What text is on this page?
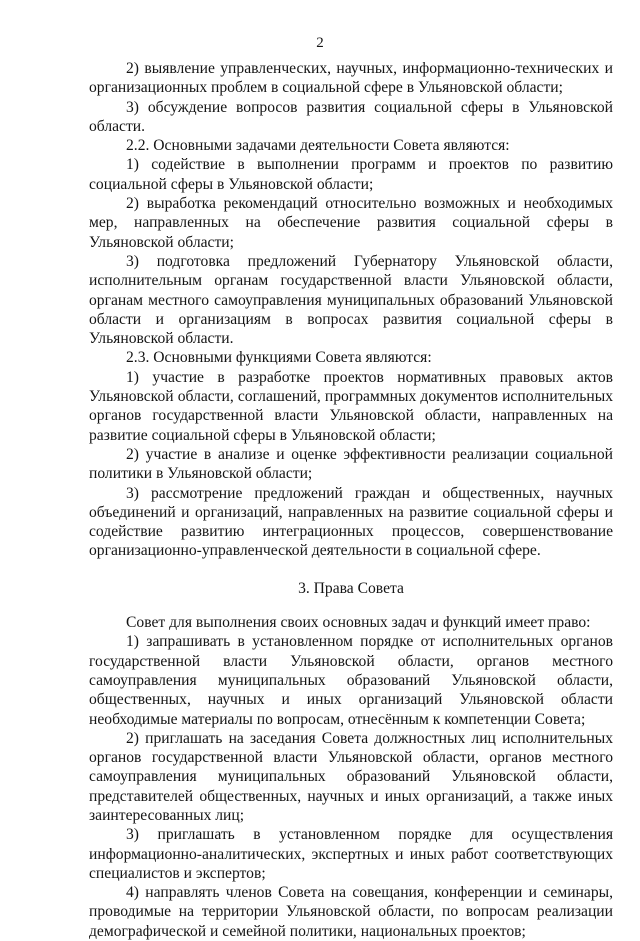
2

2) выявление управленческих, научных, информационно-технических и организационных проблем в социальной сфере в Ульяновской области;

3) обсуждение вопросов развития социальной сферы в Ульяновской области.

2.2. Основными задачами деятельности Совета являются:

1) содействие в выполнении программ и проектов по развитию социальной сферы в Ульяновской области;

2) выработка рекомендаций относительно возможных и необходимых мер, направленных на обеспечение развития социальной сферы в Ульяновской области;

3) подготовка предложений Губернатору Ульяновской области, исполнительным органам государственной власти Ульяновской области, органам местного самоуправления муниципальных образований Ульяновской области и организациям в вопросах развития социальной сферы в Ульяновской области.

2.3. Основными функциями Совета являются:

1) участие в разработке проектов нормативных правовых актов Ульяновской области, соглашений, программных документов исполнительных органов государственной власти Ульяновской области, направленных на развитие социальной сферы в Ульяновской области;

2) участие в анализе и оценке эффективности реализации социальной политики в Ульяновской области;

3) рассмотрение предложений граждан и общественных, научных объединений и организаций, направленных на развитие социальной сферы и содействие развитию интеграционных процессов, совершенствование организационно-управленческой деятельности в социальной сфере.

3. Права Совета

Совет для выполнения своих основных задач и функций имеет право:

1) запрашивать в установленном порядке от исполнительных органов государственной власти Ульяновской области, органов местного самоуправления муниципальных образований Ульяновской области, общественных, научных и иных организаций Ульяновской области необходимые материалы по вопросам, отнесённым к компетенции Совета;

2) приглашать на заседания Совета должностных лиц исполнительных органов государственной власти Ульяновской области, органов местного самоуправления муниципальных образований Ульяновской области, представителей общественных, научных и иных организаций, а также иных заинтересованных лиц;

3) приглашать в установленном порядке для осуществления информационно-аналитических, экспертных и иных работ соответствующих специалистов и экспертов;

4) направлять членов Совета на совещания, конференции и семинары, проводимые на территории Ульяновской области, по вопросам реализации демографической и семейной политики, национальных проектов;
